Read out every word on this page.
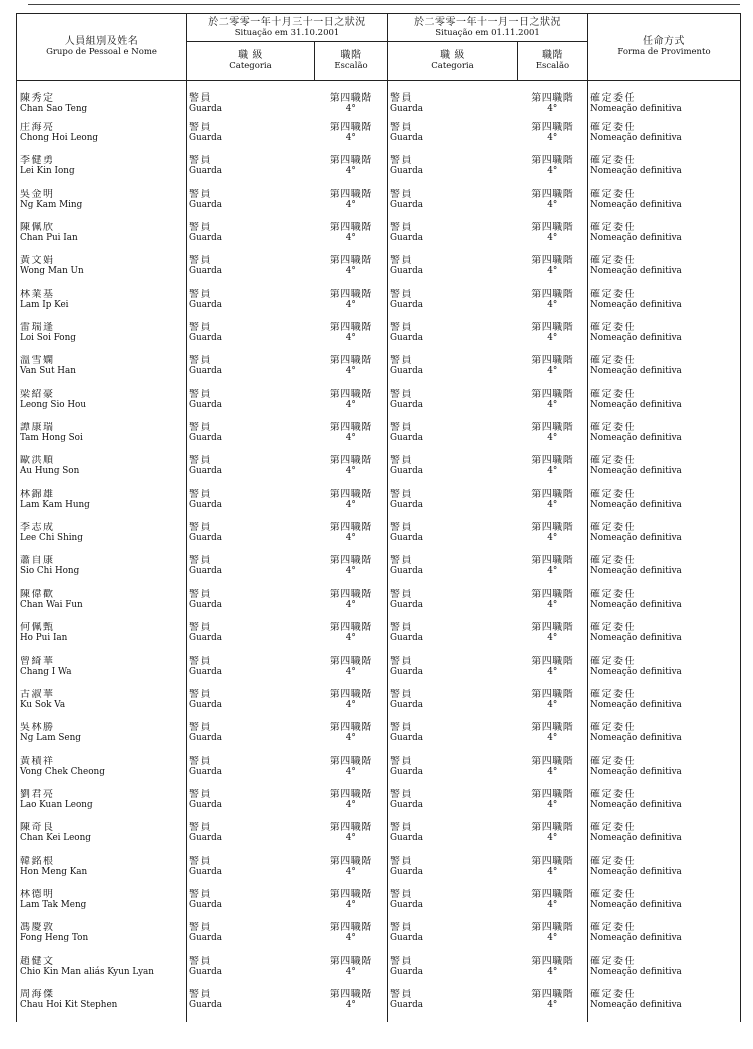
人員組別及姓名
Grupo de Pessoal e Nome	於二零零一年十月三十一日之狀況
Situação em 31.10.2001		於二零零一年十一月一日之狀況
Situação em 01.11.2001		任命方式
Forma de Provimento

	職 級
Categoria	職階
Escalão	職 級
Categoria	職階
Escalão	

陳秀定
Chan Sao Teng	警員
Guarda	第四職階
4°	警員
Guarda	第四職階
4°	確定委任
Nomeação definitiva

庄海亮
Chong Hoi Leong	警員
Guarda	第四職階
4°	警員
Guarda	第四職階
4°	確定委任
Nomeação definitiva

李健勇
Lei Kin Iong	警員
Guarda	第四職階
4°	警員
Guarda	第四職階
4°	確定委任
Nomeação definitiva

吳金明
Ng Kam Ming	警員
Guarda	第四職階
4°	警員
Guarda	第四職階
4°	確定委任
Nomeação definitiva

陳佩欣
Chan Pui Ian	警員
Guarda	第四職階
4°	警員
Guarda	第四職階
4°	確定委任
Nomeação definitiva

黃文娟
Wong Man Un	警員
Guarda	第四職階
4°	警員
Guarda	第四職階
4°	確定委任
Nomeação definitiva

林業基
Lam Ip Kei	警員
Guarda	第四職階
4°	警員
Guarda	第四職階
4°	確定委任
Nomeação definitiva

雷瑞逢
Loi Soi Fong	警員
Guarda	第四職階
4°	警員
Guarda	第四職階
4°	確定委任
Nomeação definitiva

溫雪嫻
Van Sut Han	警員
Guarda	第四職階
4°	警員
Guarda	第四職階
4°	確定委任
Nomeação definitiva

梁紹豪
Leong Sio Hou	警員
Guarda	第四職階
4°	警員
Guarda	第四職階
4°	確定委任
Nomeação definitiva

譚康瑞
Tam Hong Soi	警員
Guarda	第四職階
4°	警員
Guarda	第四職階
4°	確定委任
Nomeação definitiva

歐洪順
Au Hung Son	警員
Guarda	第四職階
4°	警員
Guarda	第四職階
4°	確定委任
Nomeação definitiva

林錦雄
Lam Kam Hung	警員
Guarda	第四職階
4°	警員
Guarda	第四職階
4°	確定委任
Nomeação definitiva

李志成
Lee Chi Shing	警員
Guarda	第四職階
4°	警員
Guarda	第四職階
4°	確定委任
Nomeação definitiva

蕭自康
Sio Chi Hong	警員
Guarda	第四職階
4°	警員
Guarda	第四職階
4°	確定委任
Nomeação definitiva

陳偉歡
Chan Wai Fun	警員
Guarda	第四職階
4°	警員
Guarda	第四職階
4°	確定委任
Nomeação definitiva

何佩甄
Ho Pui Ian	警員
Guarda	第四職階
4°	警員
Guarda	第四職階
4°	確定委任
Nomeação definitiva

曾綺華
Chang I Wa	警員
Guarda	第四職階
4°	警員
Guarda	第四職階
4°	確定委任
Nomeação definitiva

古淑華
Ku Sok Va	警員
Guarda	第四職階
4°	警員
Guarda	第四職階
4°	確定委任
Nomeação definitiva

吳林勝
Ng Lam Seng	警員
Guarda	第四職階
4°	警員
Guarda	第四職階
4°	確定委任
Nomeação definitiva

黃積祥
Vong Chek Cheong	警員
Guarda	第四職階
4°	警員
Guarda	第四職階
4°	確定委任
Nomeação definitiva

劉君亮
Lao Kuan Leong	警員
Guarda	第四職階
4°	警員
Guarda	第四職階
4°	確定委任
Nomeação definitiva

陳奇良
Chan Kei Leong	警員
Guarda	第四職階
4°	警員
Guarda	第四職階
4°	確定委任
Nomeação definitiva

韓銘根
Hon Meng Kan	警員
Guarda	第四職階
4°	警員
Guarda	第四職階
4°	確定委任
Nomeação definitiva

林德明
Lam Tak Meng	警員
Guarda	第四職階
4°	警員
Guarda	第四職階
4°	確定委任
Nomeação definitiva

馮慶敦
Fong Heng Ton	警員
Guarda	第四職階
4°	警員
Guarda	第四職階
4°	確定委任
Nomeação definitiva

趙健文
Chio Kin Man aliás Kyun Lyan	警員
Guarda	第四職階
4°	警員
Guarda	第四職階
4°	確定委任
Nomeação definitiva

周海傑
Chau Hoi Kit Stephen	警員
Guarda	第四職階
4°	警員
Guarda	第四職階
4°	確定委任
Nomeação definitiva
